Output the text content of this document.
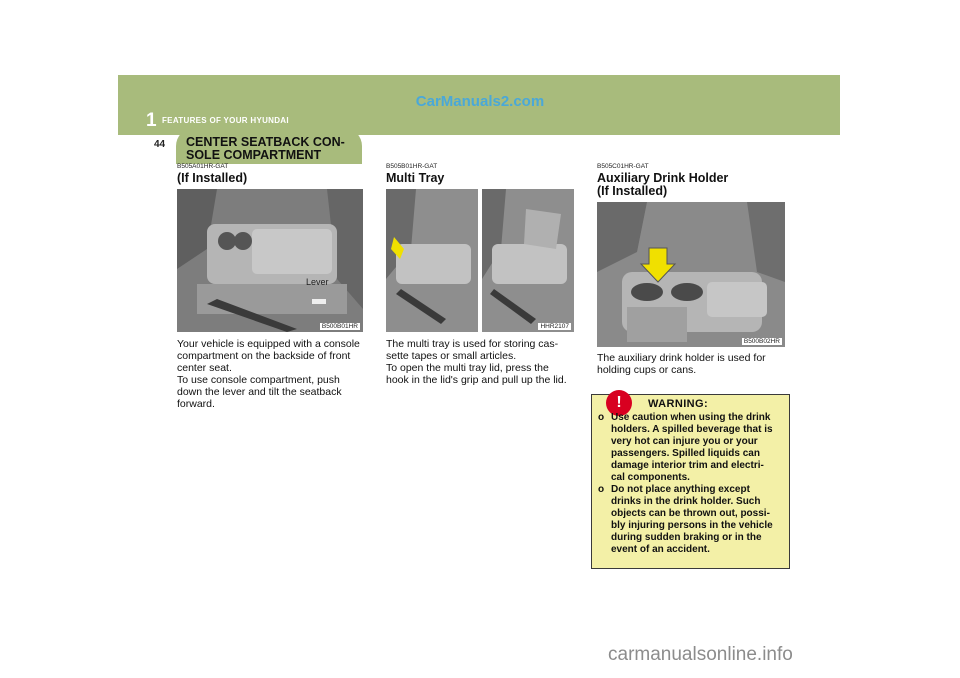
CarManuals2.com
1 FEATURES OF YOUR HYUNDAI
44 CENTER SEATBACK CON-
SOLE COMPARTMENT
B505A01HR-GAT
(If Installed)
B500B01HR
Lever
Your vehicle is equipped with a console
compartment on the backside of front
center seat.
To use console compartment, push
down the lever and tilt the seatback
forward.
B505B01HR-GAT
Multi Tray
HHR2107
The multi tray is used for storing cas-
sette tapes or small articles.
To open the multi tray lid, press the
hook in the lid's grip and pull up the lid.
B505C01HR-GAT
Auxiliary Drink Holder
(If Installed)
B500B02HR
The auxiliary drink holder is used for
holding cups or cans.
!	WARNING:
o Use caution when using the drink
holders. A spilled beverage that is
very hot can injure you or your
passengers. Spilled liquids can
damage interior trim and electri-
cal components.
o Do not place anything except
drinks in the drink holder. Such
objects can be thrown out, possi-
bly injuring persons in the vehicle
during sudden braking or in the
event of an accident.
carmanualsonline.info
